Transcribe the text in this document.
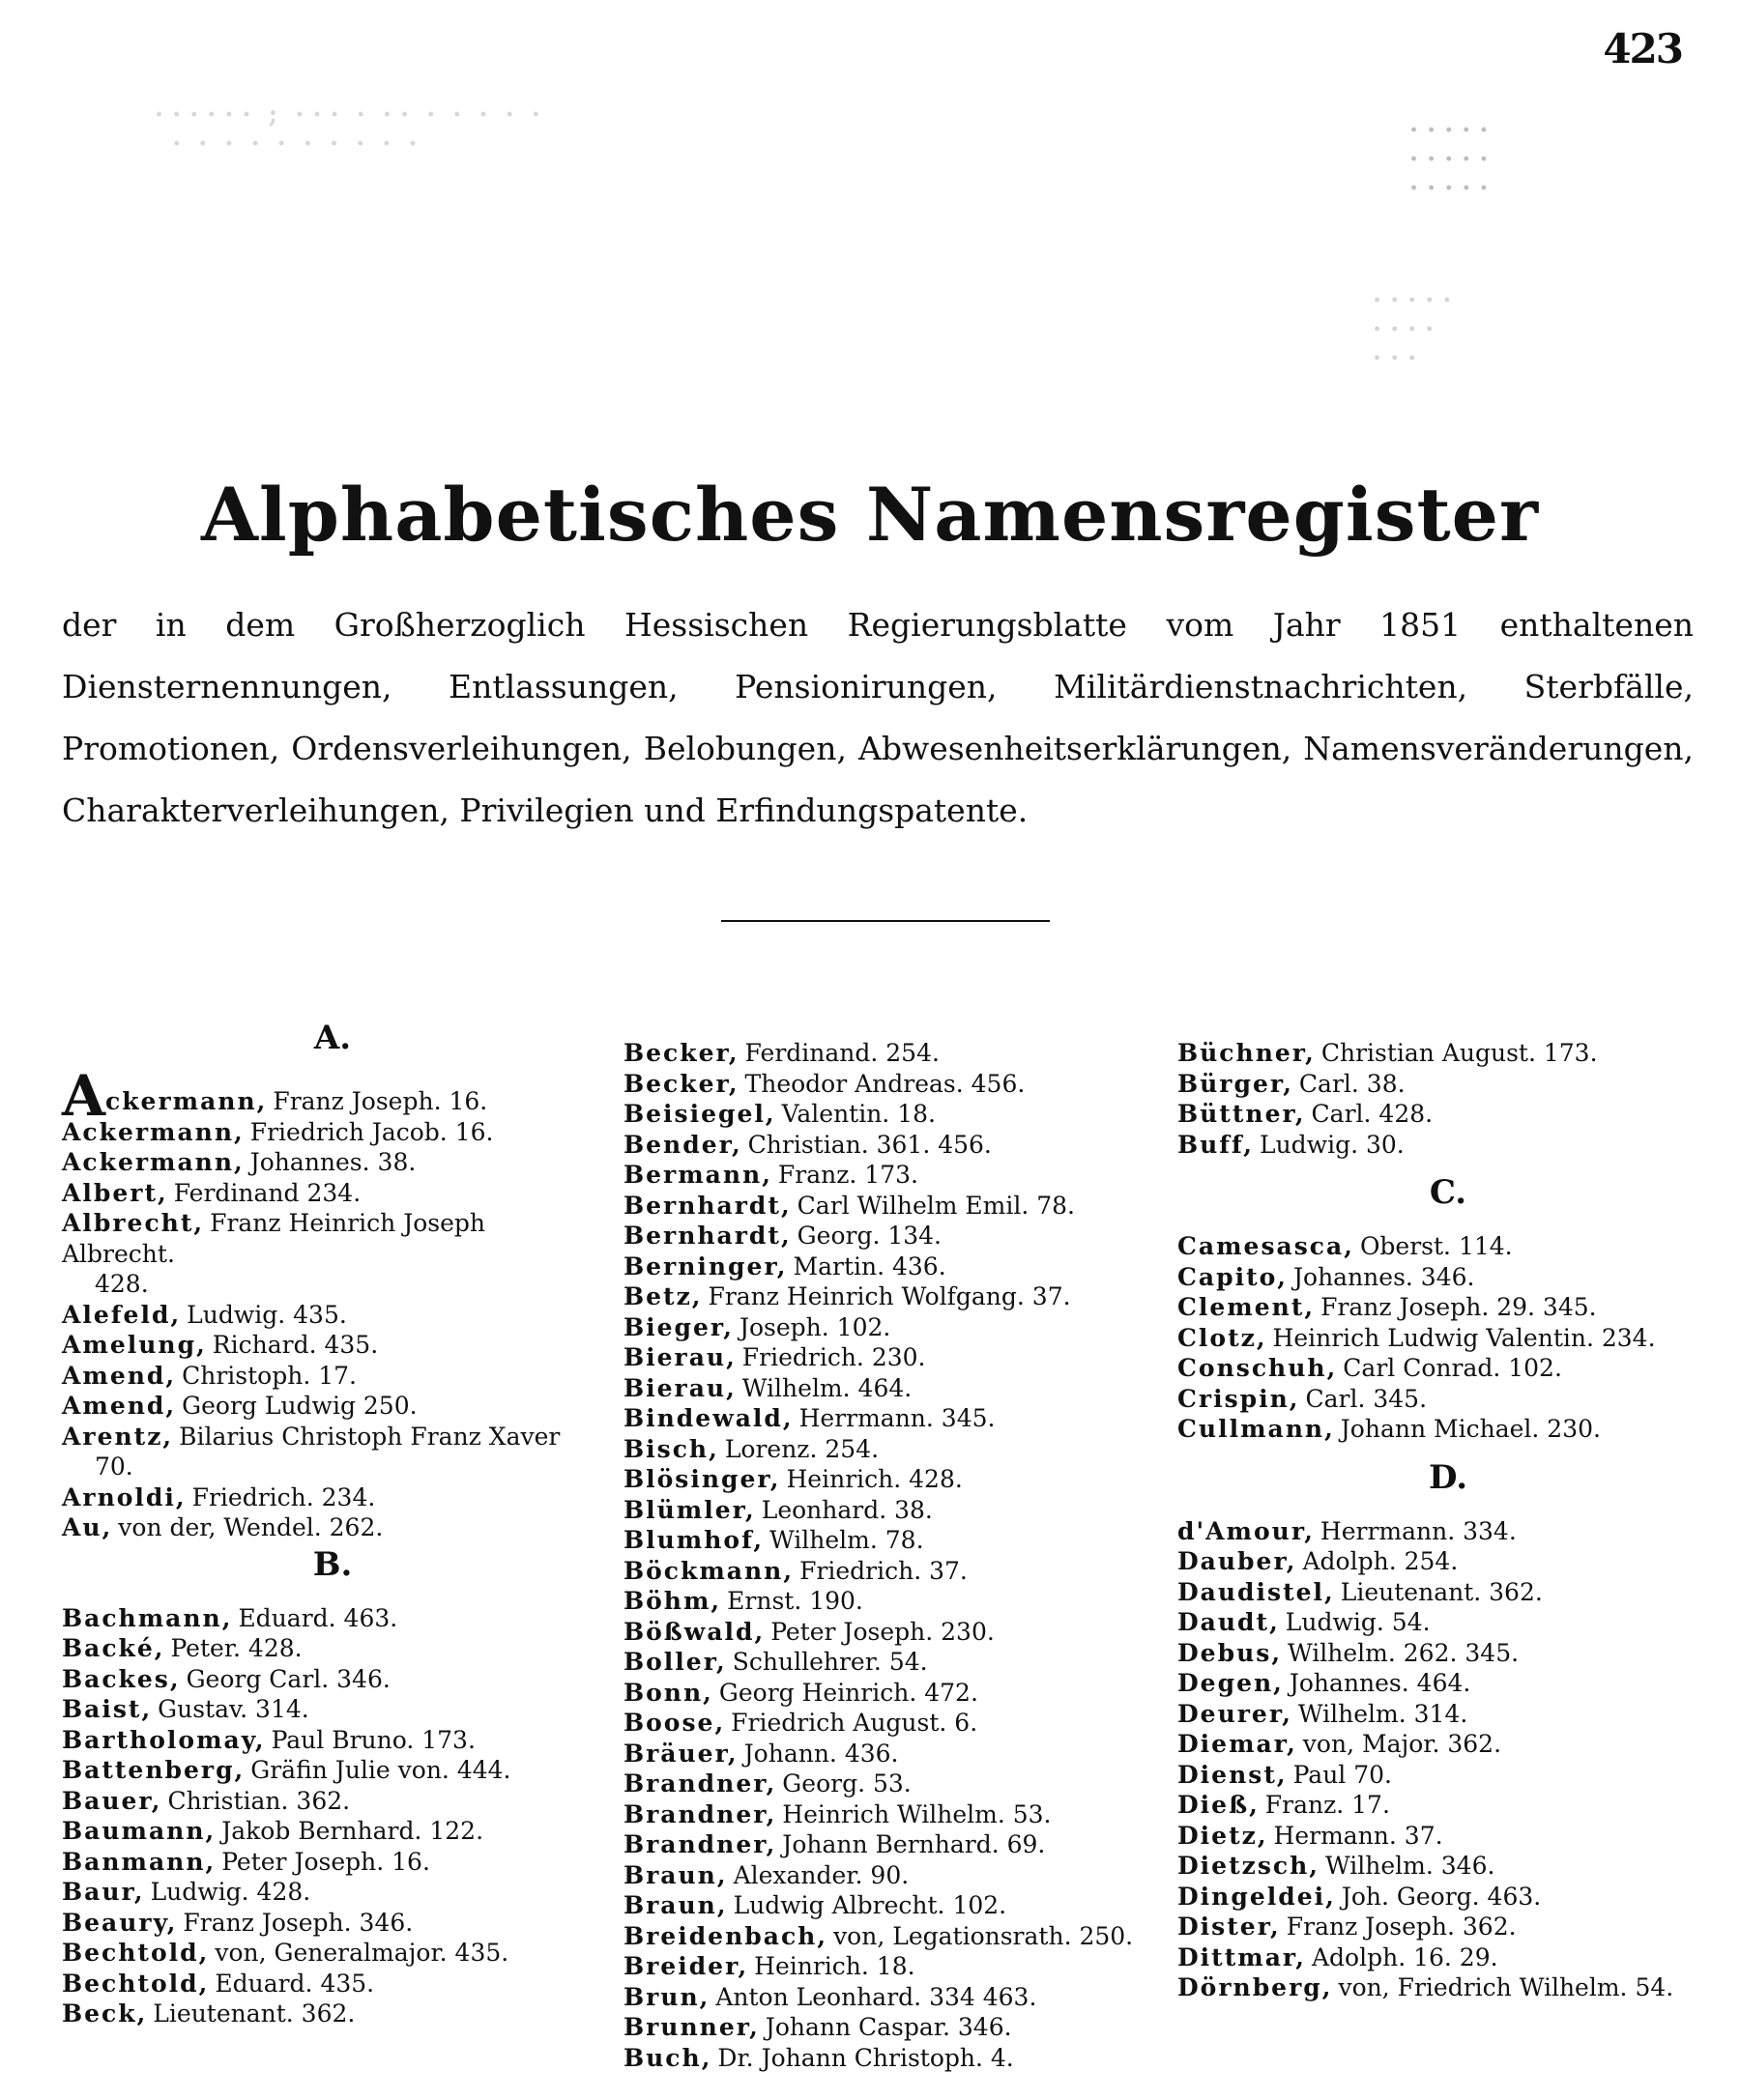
423
· · · · · ·  ;  · · ·  ·  · ·  ·  ·  ·  ·  ·
·  ·  ·  ·  ·  ·  ·  ·  ·  ·	· · · · ·
· · · · ·
· · · · ·
· · · · ·
· · · ·
· · ·
Alphabetisches Namensregister

der in dem Großherzoglich Hessischen Regierungsblatte vom Jahr 1851 enthaltenen Diensternennungen, Entlassungen, Pensionirungen, Militärdienstnachrichten, Sterbfälle, Promotionen, Ordensverleihungen, Belobungen, Abwesenheitserklärungen, Namensveränderungen, Charakterverleihungen, Privilegien und Erfindungspatente.

A.
Ackermann, Franz Joseph. 16.
Ackermann, Friedrich Jacob. 16.
Ackermann, Johannes. 38.
Albert, Ferdinand 234.
Albrecht, Franz Heinrich Joseph Albrecht.
428.
Alefeld, Ludwig. 435.
Amelung, Richard. 435.
Amend, Christoph. 17.
Amend, Georg Ludwig 250.
Arentz, Bilarius Christoph Franz Xaver
70.
Arnoldi, Friedrich. 234.
Au, von der, Wendel. 262.
B.
Bachmann, Eduard. 463.
Backé, Peter. 428.
Backes, Georg Carl. 346.
Baist, Gustav. 314.
Bartholomay, Paul Bruno. 173.
Battenberg, Gräfin Julie von. 444.
Bauer, Christian. 362.
Baumann, Jakob Bernhard. 122.
Banmann, Peter Joseph. 16.
Baur, Ludwig. 428.
Beaury, Franz Joseph. 346.
Bechtold, von, Generalmajor. 435.
Bechtold, Eduard. 435.
Beck, Lieutenant. 362.
Becker, Ferdinand. 254.
Becker, Theodor Andreas. 456.
Beisiegel, Valentin. 18.
Bender, Christian. 361. 456.
Bermann, Franz. 173.
Bernhardt, Carl Wilhelm Emil. 78.
Bernhardt, Georg. 134.
Berninger, Martin. 436.
Betz, Franz Heinrich Wolfgang. 37.
Bieger, Joseph. 102.
Bierau, Friedrich. 230.
Bierau, Wilhelm. 464.
Bindewald, Herrmann. 345.
Bisch, Lorenz. 254.
Blösinger, Heinrich. 428.
Blümler, Leonhard. 38.
Blumhof, Wilhelm. 78.
Böckmann, Friedrich. 37.
Böhm, Ernst. 190.
Bößwald, Peter Joseph. 230.
Boller, Schullehrer. 54.
Bonn, Georg Heinrich. 472.
Boose, Friedrich August. 6.
Bräuer, Johann. 436.
Brandner, Georg. 53.
Brandner, Heinrich Wilhelm. 53.
Brandner, Johann Bernhard. 69.
Braun, Alexander. 90.
Braun, Ludwig Albrecht. 102.
Breidenbach, von, Legationsrath. 250.
Breider, Heinrich. 18.
Brun, Anton Leonhard. 334 463.
Brunner, Johann Caspar. 346.
Buch, Dr. Johann Christoph. 4.
Büchner, Christian August. 173.
Bürger, Carl. 38.
Büttner, Carl. 428.
Buff, Ludwig. 30.
C.
Camesasca, Oberst. 114.
Capito, Johannes. 346.
Clement, Franz Joseph. 29. 345.
Clotz, Heinrich Ludwig Valentin. 234.
Conschuh, Carl Conrad. 102.
Crispin, Carl. 345.
Cullmann, Johann Michael. 230.
D.
d'Amour, Herrmann. 334.
Dauber, Adolph. 254.
Daudistel, Lieutenant. 362.
Daudt, Ludwig. 54.
Debus, Wilhelm. 262. 345.
Degen, Johannes. 464.
Deurer, Wilhelm. 314.
Diemar, von, Major. 362.
Dienst, Paul 70.
Dieß, Franz. 17.
Dietz, Hermann. 37.
Dietzsch, Wilhelm. 346.
Dingeldei, Joh. Georg. 463.
Dister, Franz Joseph. 362.
Dittmar, Adolph. 16. 29.
Dörnberg, von, Friedrich Wilhelm. 54.
